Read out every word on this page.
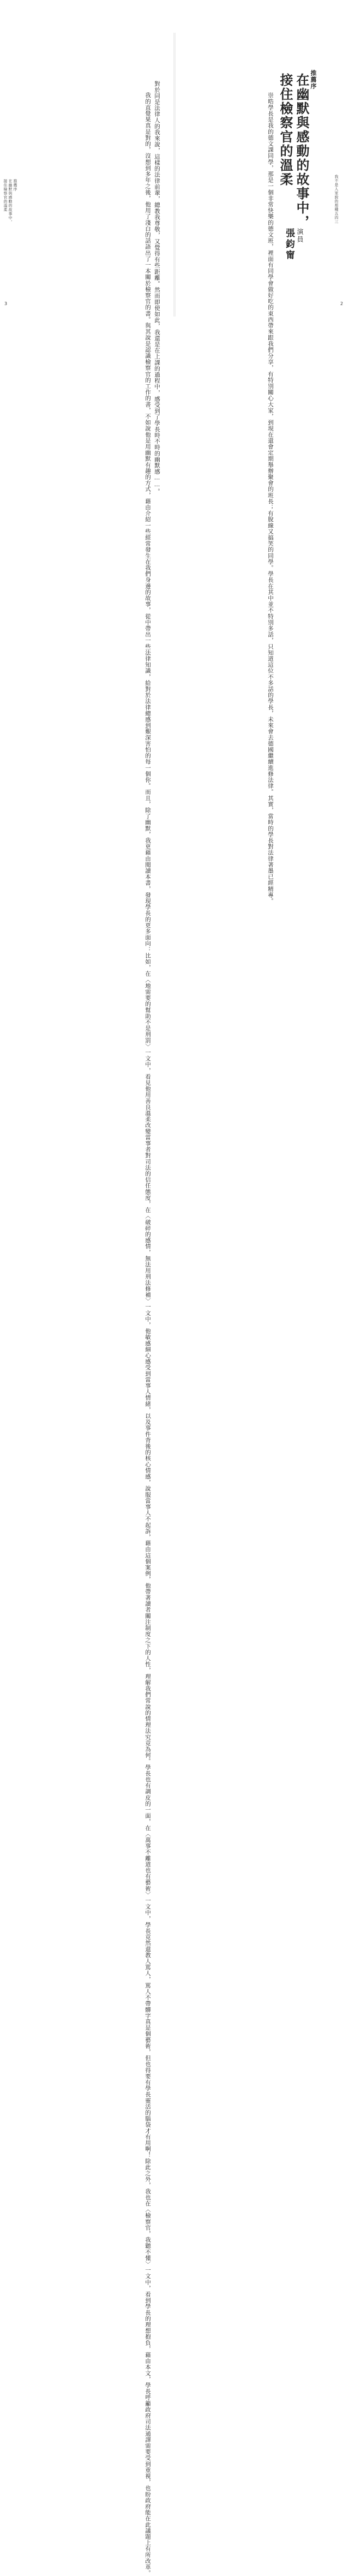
推薦序
在幽默與感動的故事中，
接住檢察官的溫柔	對於同是法律人的我來說，這樣的法律前輩，總教我尊敬，又覺得有些距離。然而即使如此，我還是在上課的過程中，感受到了學長時不時的幽默感……。

我的直覺果真是對的，沒想到多年之後，他用了淺白的話語出了一本關於檢察官的書。與其說是認識檢察官的工作的書，不如說他是用幽默有趣的方式，藉由介紹一些經常發生在我們身邊的故事，從中帶出一些法律知識，給對於法律總感到艱深害怕的每一個你。而且，除了幽默，我更藉由閱讀本書，發現學長的更多面向：比如，在〈地需要的幫助不是刑罰〉一文中，看見他用善良溫柔改變當事者對司法的信任態度，在〈破碎的感情，無法用刑法修補〉一文中，他敏感細心感受到當事人情緒，以及事件背後的核心情感，說服當事人不起訴，藉由這個案例，他帶著讀者關注制度之下的人性，理解我們常說的情理法究竟為何。學長也有調皮的一面，在〈萬事不離道也有藝術〉一文中，學長竟然還教人罵人，罵人不帶髒字真是個藝術，但也得要有學長靈活的腦袋才有用啊！除此之外，我也在〈檢察官，我聽不懂〉一文中，看到學長的理想抱負，藉由本文，學長呼籲政府司法通譯需要受到重視，也盼政府能在此議題上有所改革。

3
推薦序
在幽默與感動的故事中，
接住檢察官的溫柔

崇晧學長是我的德文課同學，那是一個非常快樂的德文班，裡面有同學會做好吃的東西帶來跟我們分享，有特別關心大家，到現在還會定期舉辦聚會的班長；有脫線又搞笑的同學。學長在其中並不特別多話，只知道這位不多話的學長，未來會去德國繼續進修法律。其實，當時的學長對法律著墨已經精專。	演員
張鈞甯
我不是人家說的那種五四三
2
